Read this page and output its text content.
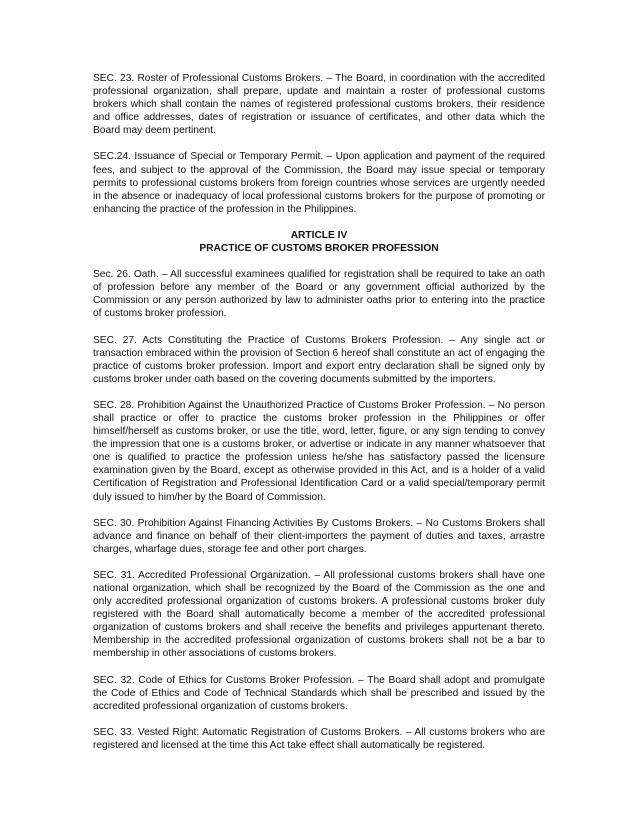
SEC. 23. Roster of Professional Customs Brokers. – The Board, in coordination with the accredited professional organization, shall prepare, update and maintain a roster of professional customs brokers which shall contain the names of registered professional customs brokers, their residence and office addresses, dates of registration or issuance of certificates, and other data which the Board may deem pertinent.

SEC.24. Issuance of Special or Temporary Permit. – Upon application and payment of the required fees, and subject to the approval of the Commission, the Board may issue special or temporary permits to professional customs brokers from foreign countries whose services are urgently needed in the absence or inadequacy of local professional customs brokers for the purpose of promoting or enhancing the practice of the profession in the Philippines.

ARTICLE IV
PRACTICE OF CUSTOMS BROKER PROFESSION

Sec. 26. Oath. – All successful examinees qualified for registration shall be required to take an oath of profession before any member of the Board or any government official authorized by the Commission or any person authorized by law to administer oaths prior to entering into the practice of customs broker profession.

SEC. 27. Acts Constituting the Practice of Customs Brokers Profession. – Any single act or transaction embraced within the provision of Section 6 hereof shall constitute an act of engaging the practice of customs broker profession. Import and export entry declaration shall be signed only by customs broker under oath based on the covering documents submitted by the importers.

SEC. 28. Prohibition Against the Unauthorized Practice of Customs Broker Profession. – No person shall practice or offer to practice the customs broker profession in the Philippines or offer himself/herself as customs broker, or use the title, word, letter, figure, or any sign tending to convey the impression that one is a customs broker, or advertise or indicate in any manner whatsoever that one is qualified to practice the profession unless he/she has satisfactory passed the licensure examination given by the Board, except as otherwise provided in this Act, and is a holder of a valid Certification of Registration and Professional Identification Card or a valid special/temporary permit duly issued to him/her by the Board of Commission.

SEC. 30. Prohibition Against Financing Activities By Customs Brokers. – No Customs Brokers shall advance and finance on behalf of their client-importers the payment of duties and taxes, arrastre charges, wharfage dues, storage fee and other port charges.

SEC. 31. Accredited Professional Organization. – All professional customs brokers shall have one national organization, which shall be recognized by the Board of the Commission as the one and only accredited professional organization of customs brokers. A professional customs broker duly registered with the Board shall automatically become a member of the accredited professional organization of customs brokers and shall receive the benefits and privileges appurtenant thereto. Membership in the accredited professional organization of customs brokers shall not be a bar to membership in other associations of customs brokers.

SEC. 32. Code of Ethics for Customs Broker Profession. – The Board shall adopt and promulgate the Code of Ethics and Code of Technical Standards which shall be prescribed and issued by the accredited professional organization of customs brokers.

SEC. 33. Vested Right: Automatic Registration of Customs Brokers. – All customs brokers who are registered and licensed at the time this Act take effect shall automatically be registered.
